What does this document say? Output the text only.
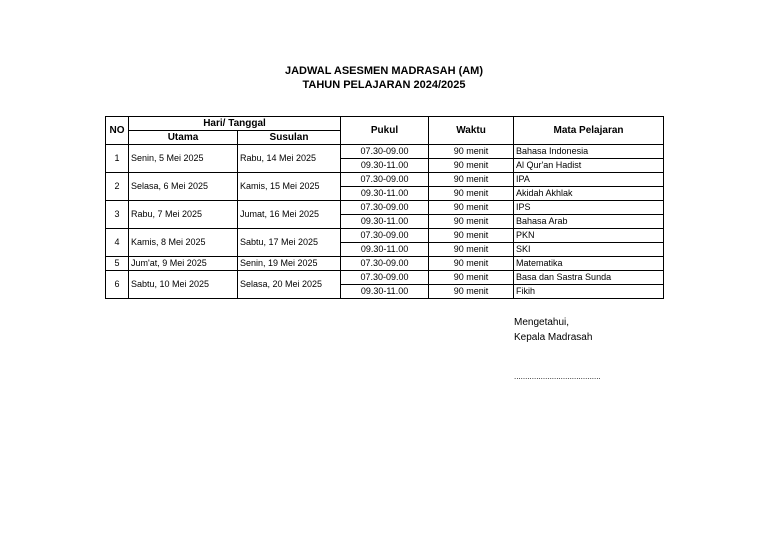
JADWAL ASESMEN MADRASAH (AM)
TAHUN PELAJARAN 2024/2025
NO	Hari/ Tanggal		Pukul	Waktu	Mata Pelajaran
	Utama	Susulan			
1	Senin, 5 Mei 2025	Rabu, 14 Mei 2025	07.30-09.00	90 menit	Bahasa Indonesia
			09.30-11.00	90 menit	Al Qur'an Hadist
2	Selasa, 6 Mei 2025	Kamis, 15 Mei 2025	07.30-09.00	90 menit	IPA
			09.30-11.00	90 menit	Akidah Akhlak
3	Rabu, 7 Mei 2025	Jumat, 16 Mei 2025	07.30-09.00	90 menit	IPS
			09.30-11.00	90 menit	Bahasa Arab
4	Kamis, 8 Mei 2025	Sabtu, 17 Mei 2025	07.30-09.00	90 menit	PKN
			09.30-11.00	90 menit	SKI
5	Jum'at, 9 Mei 2025	Senin, 19 Mei 2025	07.30-09.00	90 menit	Matematika
6	Sabtu, 10 Mei 2025	Selasa, 20 Mei 2025	07.30-09.00	90 menit	Basa dan Sastra Sunda
			09.30-11.00	90 menit	Fikih
Mengetahui,
Kepala Madrasah
.......................................
